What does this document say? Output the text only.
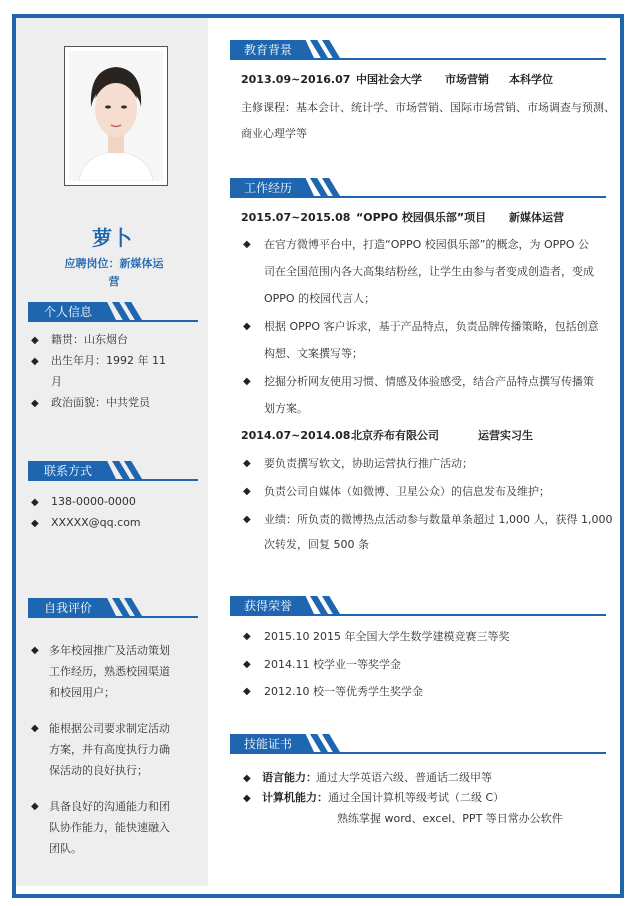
萝卜
应聘岗位：新媒体运
营
个人信息
◆ 籍贯：山东烟台
◆ 出生年月：1992 年 11
月
◆ 政治面貌：中共党员
联系方式
◆ 138-0000-0000
◆ XXXXX@qq.com
自我评价
◆ 多年校园推广及活动策划
工作经历，熟悉校园渠道
和校园用户；
◆ 能根据公司要求制定活动
方案，并有高度执行力确
保活动的良好执行；
◆ 具备良好的沟通能力和团
队协作能力，能快速融入
团队。
教育背景
2013.09~2016.07 中国社会大学 市场营销 本科学位
主修课程：基本会计、统计学、市场营销、国际市场营销、市场调查与预测、
商业心理学等
工作经历
2015.07~2015.08 “OPPO 校园俱乐部”项目 新媒体运营
◆ 在官方微博平台中，打造“OPPO 校园俱乐部”的概念，为 OPPO 公
司在全国范围内各大高集结粉丝，让学生由参与者变成创造者，变成
OPPO 的校园代言人；
◆ 根据 OPPO 客户诉求，基于产品特点，负责品牌传播策略，包括创意
构想、文案撰写等；
◆ 挖掘分析网友使用习惯、情感及体验感受，结合产品特点撰写传播策
划方案。
2014.07~2014.08 北京乔布有限公司	运营实习生
◆ 要负责撰写软文，协助运营执行推广活动；
◆ 负责公司自媒体（如微博、卫星公众）的信息发布及维护；
◆ 业绩：所负责的微博热点活动参与数量单条超过 1,000 人，获得 1,000
次转发，回复 500 条
获得荣誉
◆ 2015.10 2015 年全国大学生数学建模竞赛三等奖
◆ 2014.11 校学业一等奖学金
◆ 2012.10 校一等优秀学生奖学金
技能证书
◆ 语言能力： 通过大学英语六级、普通话二级甲等
◆ 计算机能力： 通过全国计算机等级考试（二级 C）
熟练掌握 word、excel、PPT 等日常办公软件
